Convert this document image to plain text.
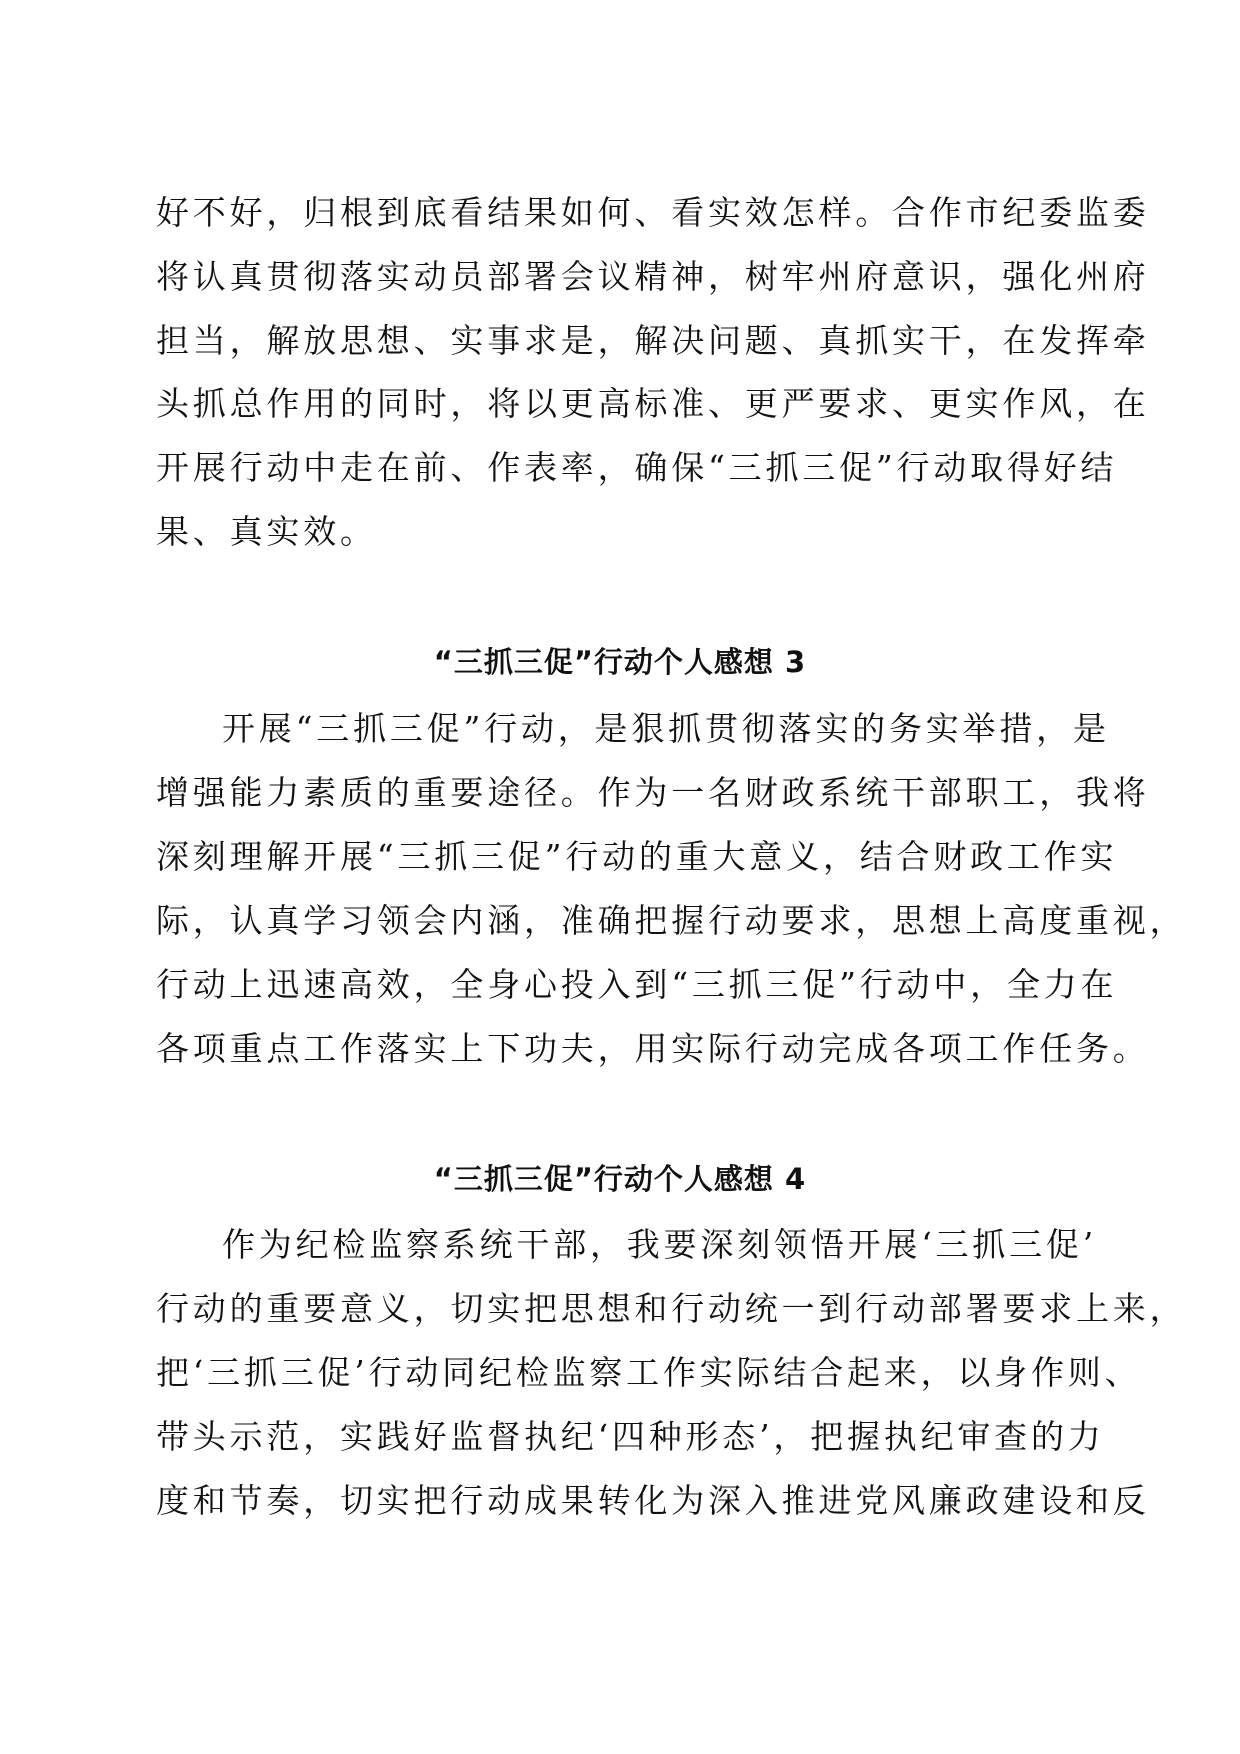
好不好，归根到底看结果如何、看实效怎样。合作市纪委监委
将认真贯彻落实动员部署会议精神，树牢州府意识，强化州府
担当，解放思想、实事求是，解决问题、真抓实干，在发挥牵
头抓总作用的同时，将以更高标准、更严要求、更实作风，在
开展行动中走在前、作表率，确保“三抓三促”行动取得好结
果、真实效。
“三抓三促”行动个人感想 3
开展“三抓三促”行动，是狠抓贯彻落实的务实举措，是
增强能力素质的重要途径。作为一名财政系统干部职工，我将
深刻理解开展“三抓三促”行动的重大意义，结合财政工作实
际，认真学习领会内涵，准确把握行动要求，思想上高度重视，
行动上迅速高效，全身心投入到“三抓三促”行动中，全力在
各项重点工作落实上下功夫，用实际行动完成各项工作任务。
“三抓三促”行动个人感想 4
作为纪检监察系统干部，我要深刻领悟开展‘三抓三促’
行动的重要意义，切实把思想和行动统一到行动部署要求上来，
把‘三抓三促’行动同纪检监察工作实际结合起来，以身作则、
带头示范，实践好监督执纪‘四种形态’，把握执纪审查的力
度和节奏，切实把行动成果转化为深入推进党风廉政建设和反
